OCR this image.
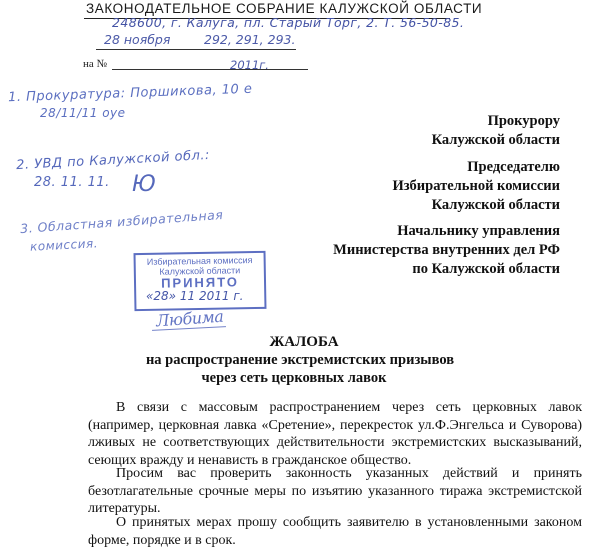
ЗАКОНОДАТЕЛЬНОЕ СОБРАНИЕ КАЛУЖСКОЙ ОБЛАСТИ
248600, г. Калуга, пл. Старый Торг, 2. Т. 56-50-85.
28 ноября	292, 291, 293.
на №	2011г.
1. Прокуратура: Поршикова, 10 е
28/11/11 оуе
2. УВД по Калужской обл.:
28. 11. 11. Ю
3. Областная избирательная
комиссия.
Прокурору
Калужской области
Председателю
Избирательной комиссии
Калужской области
Начальнику управления
Министерства внутренних дел РФ
по Калужской области
Избирательная комиссия
Калужской области
ПРИНЯТО
«28» 11 2011 г.
Любима
ЖАЛОБА
на распространение экстремистских призывов
через сеть церковных лавок
В связи с массовым распространением через сеть церковных лавок (например, церковная лавка «Сретение», перекресток ул.Ф.Энгельса и Суворова) лживых не соответствующих действительности экстремистских высказываний, сеющих вражду и ненависть в гражданское общество.
Просим вас проверить законность указанных действий и принять безотлагательные срочные меры по изъятию указанного тиража экстремистской литературы.
О принятых мерах прошу сообщить заявителю в установленными законом форме, порядке и в срок.
